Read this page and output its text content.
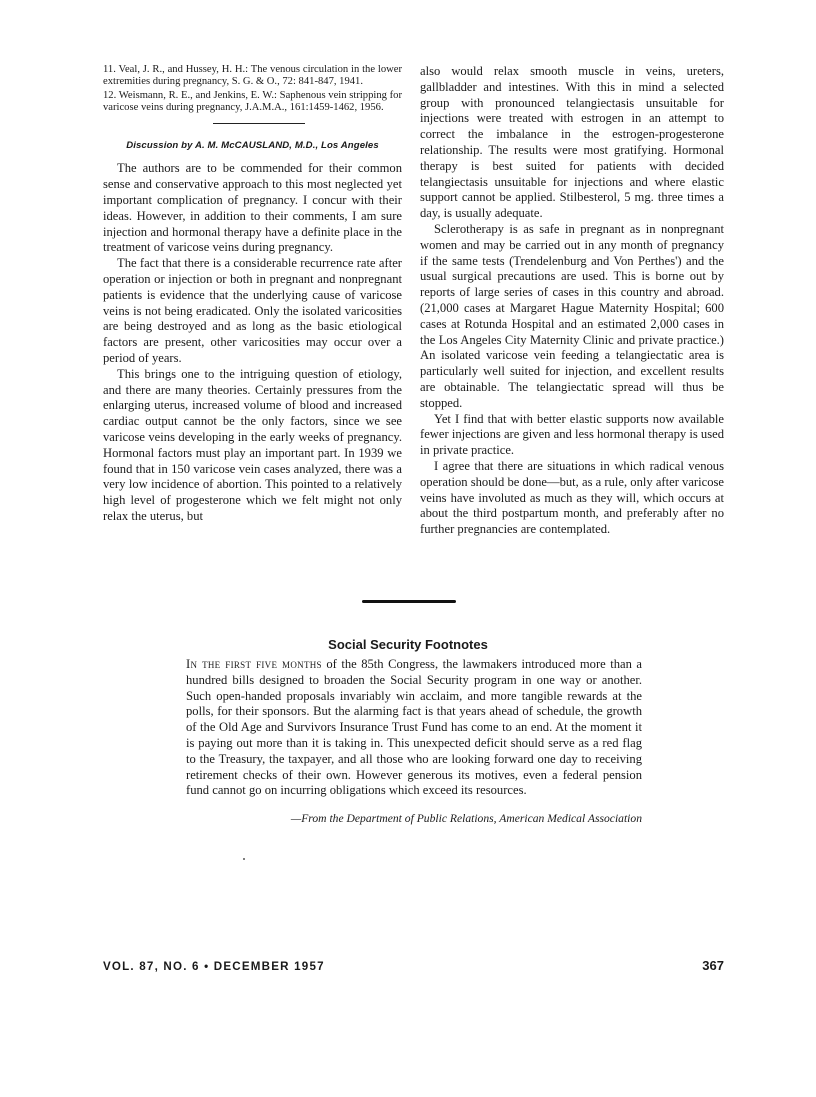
11. Veal, J. R., and Hussey, H. H.: The venous circulation in the lower extremities during pregnancy, S. G. & O., 72: 841-847, 1941.

12. Weismann, R. E., and Jenkins, E. W.: Saphenous vein stripping for varicose veins during pregnancy, J.A.M.A., 161:1459-1462, 1956.

Discussion by A. M. McCAUSLAND, M.D., Los Angeles

The authors are to be commended for their common sense and conservative approach to this most neglected yet important complication of pregnancy. I concur with their ideas. However, in addition to their comments, I am sure injection and hormonal therapy have a definite place in the treatment of varicose veins during pregnancy.

The fact that there is a considerable recurrence rate after operation or injection or both in pregnant and nonpregnant patients is evidence that the underlying cause of varicose veins is not being eradicated. Only the isolated varicosities are being destroyed and as long as the basic etiological factors are present, other varicosities may occur over a period of years.

This brings one to the intriguing question of etiology, and there are many theories. Certainly pressures from the enlarging uterus, increased volume of blood and increased cardiac output cannot be the only factors, since we see varicose veins developing in the early weeks of pregnancy. Hormonal factors must play an important part. In 1939 we found that in 150 varicose vein cases analyzed, there was a very low incidence of abortion. This pointed to a relatively high level of progesterone which we felt might not only relax the uterus, but

also would relax smooth muscle in veins, ureters, gallbladder and intestines. With this in mind a selected group with pronounced telangiectasis unsuitable for injections were treated with estrogen in an attempt to correct the imbalance in the estrogen-progesterone relationship. The results were most gratifying. Hormonal therapy is best suited for patients with decided telangiectasis unsuitable for injections and where elastic support cannot be applied. Stilbesterol, 5 mg. three times a day, is usually adequate.

Sclerotherapy is as safe in pregnant as in nonpregnant women and may be carried out in any month of pregnancy if the same tests (Trendelenburg and Von Perthes') and the usual surgical precautions are used. This is borne out by reports of large series of cases in this country and abroad. (21,000 cases at Margaret Hague Maternity Hospital; 600 cases at Rotunda Hospital and an estimated 2,000 cases in the Los Angeles City Maternity Clinic and private practice.) An isolated varicose vein feeding a telangiectatic area is particularly well suited for injection, and excellent results are obtainable. The telangiectatic spread will thus be stopped.

Yet I find that with better elastic supports now available fewer injections are given and less hormonal therapy is used in private practice.

I agree that there are situations in which radical venous operation should be done—but, as a rule, only after varicose veins have involuted as much as they will, which occurs at about the third postpartum month, and preferably after no further pregnancies are contemplated.

Social Security Footnotes

In the first five months of the 85th Congress, the lawmakers introduced more than a hundred bills designed to broaden the Social Security program in one way or another. Such open-handed proposals invariably win acclaim, and more tangible rewards at the polls, for their sponsors. But the alarming fact is that years ahead of schedule, the growth of the Old Age and Survivors Insurance Trust Fund has come to an end. At the moment it is paying out more than it is taking in. This unexpected deficit should serve as a red flag to the Treasury, the taxpayer, and all those who are looking forward one day to receiving retirement checks of their own. However generous its motives, even a federal pension fund cannot go on incurring obligations which exceed its resources.

—From the Department of Public Relations, American Medical Association
VOL. 87, NO. 6 • DECEMBER 1957	367
